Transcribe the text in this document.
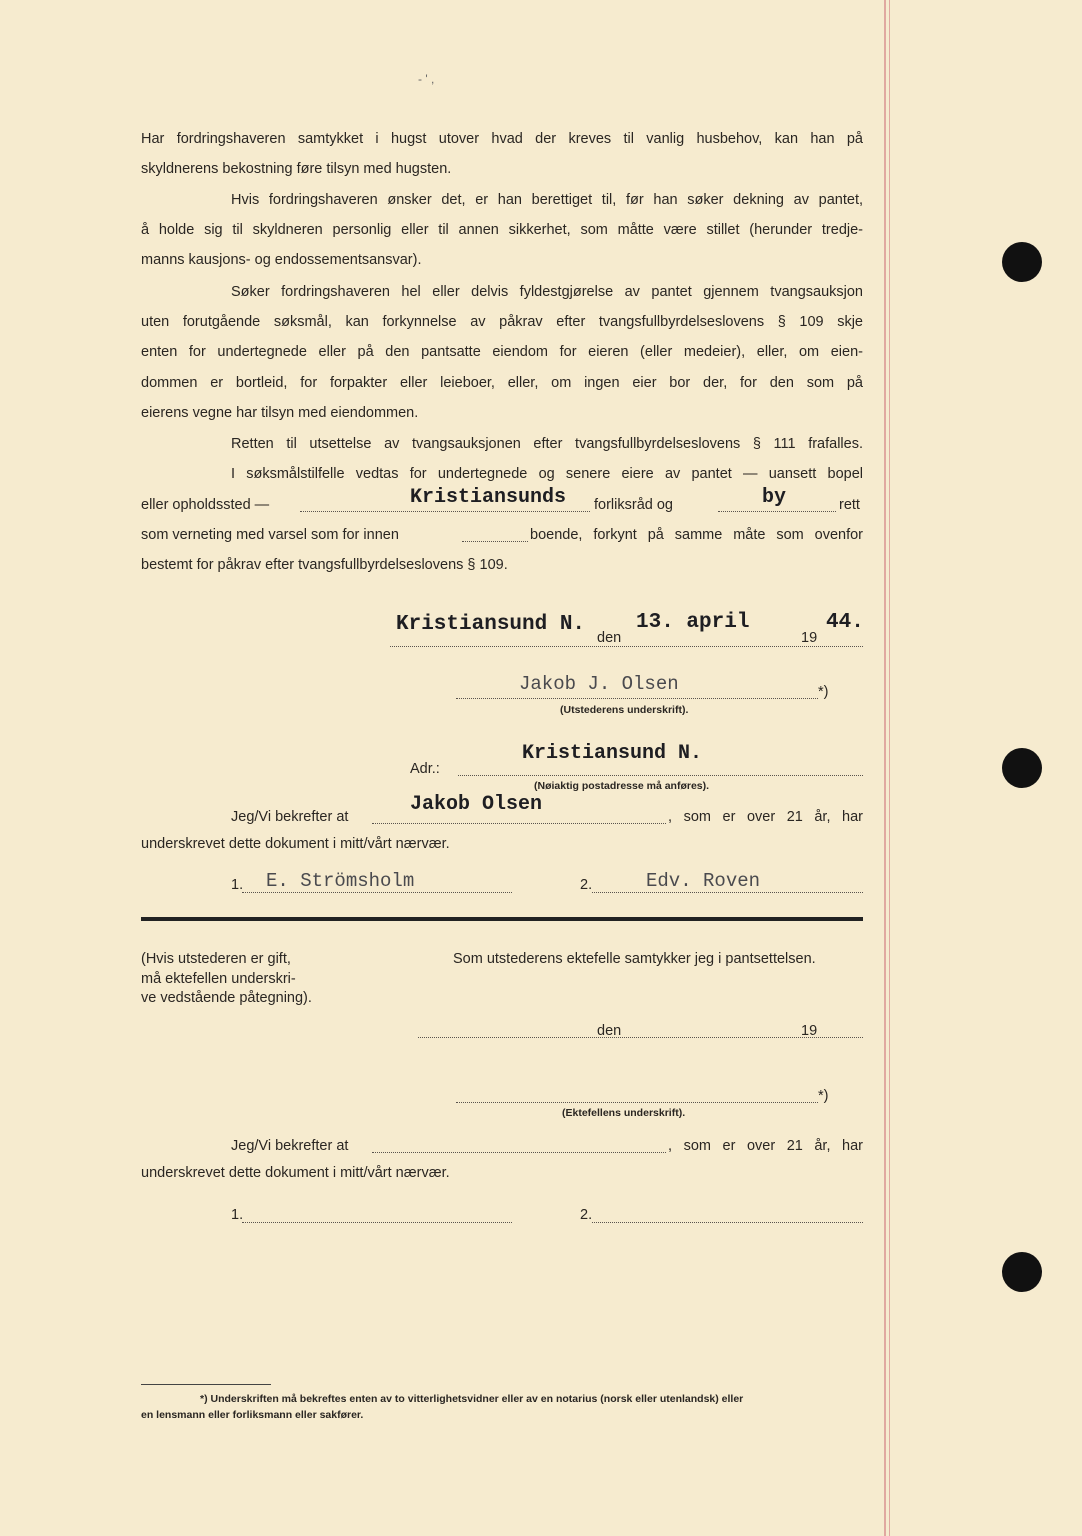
- ' ,
Har fordringshaveren samtykket i hugst utover hvad der kreves til vanlig husbehov, kan han på
skyldnerens bekostning føre tilsyn med hugsten.
Hvis fordringshaveren ønsker det, er han berettiget til, før han søker dekning av pantet,
å holde sig til skyldneren personlig eller til annen sikkerhet, som måtte være stillet (herunder tredje-
manns kausjons- og endossementsansvar).
Søker fordringshaveren hel eller delvis fyldestgjørelse av pantet gjennem tvangsauksjon
uten forutgående søksmål, kan forkynnelse av påkrav efter tvangsfullbyrdelseslovens § 109 skje
enten for undertegnede eller på den pantsatte eiendom for eieren (eller medeier), eller, om eien-
dommen er bortleid, for forpakter eller leieboer, eller, om ingen eier bor der, for den som på
eierens vegne har tilsyn med eiendommen.
Retten til utsettelse av tvangsauksjonen efter tvangsfullbyrdelseslovens § 111 frafalles.
I søksmålstilfelle vedtas for undertegnede og senere eiere av pantet — uansett bopel
eller opholdssted —	Kristiansunds forliksråd og	by	rett
som verneting med varsel som for innen	boende, forkynt på samme måte som ovenfor
bestemt for påkrav efter tvangsfullbyrdelseslovens § 109.
Kristiansund N.
den
13. april
19
44.
Jakob J. Olsen	*)
(Utstederens underskrift).
Adr.:
Kristiansund N.
(Nøiaktig postadresse må anføres).
Jeg/Vi bekrefter at
Jakob Olsen
, som er over 21 år, har
underskrevet dette dokument i mitt/vårt nærvær.
1. E. Strömsholm	2.	Edv. Roven
(Hvis utstederen er gift,
må ektefellen underskri-
ve vedstående påtegning).
Som utstederens ektefelle samtykker jeg i pantsettelsen.
den	19
*)
(Ektefellens underskrift).
Jeg/Vi bekrefter at	, som er over 21 år, har
underskrevet dette dokument i mitt/vårt nærvær.
1.	2.
*) Underskriften må bekreftes enten av to vitterlighetsvidner eller av en notarius (norsk eller utenlandsk) eller
en lensmann eller forliksmann eller sakfører.
